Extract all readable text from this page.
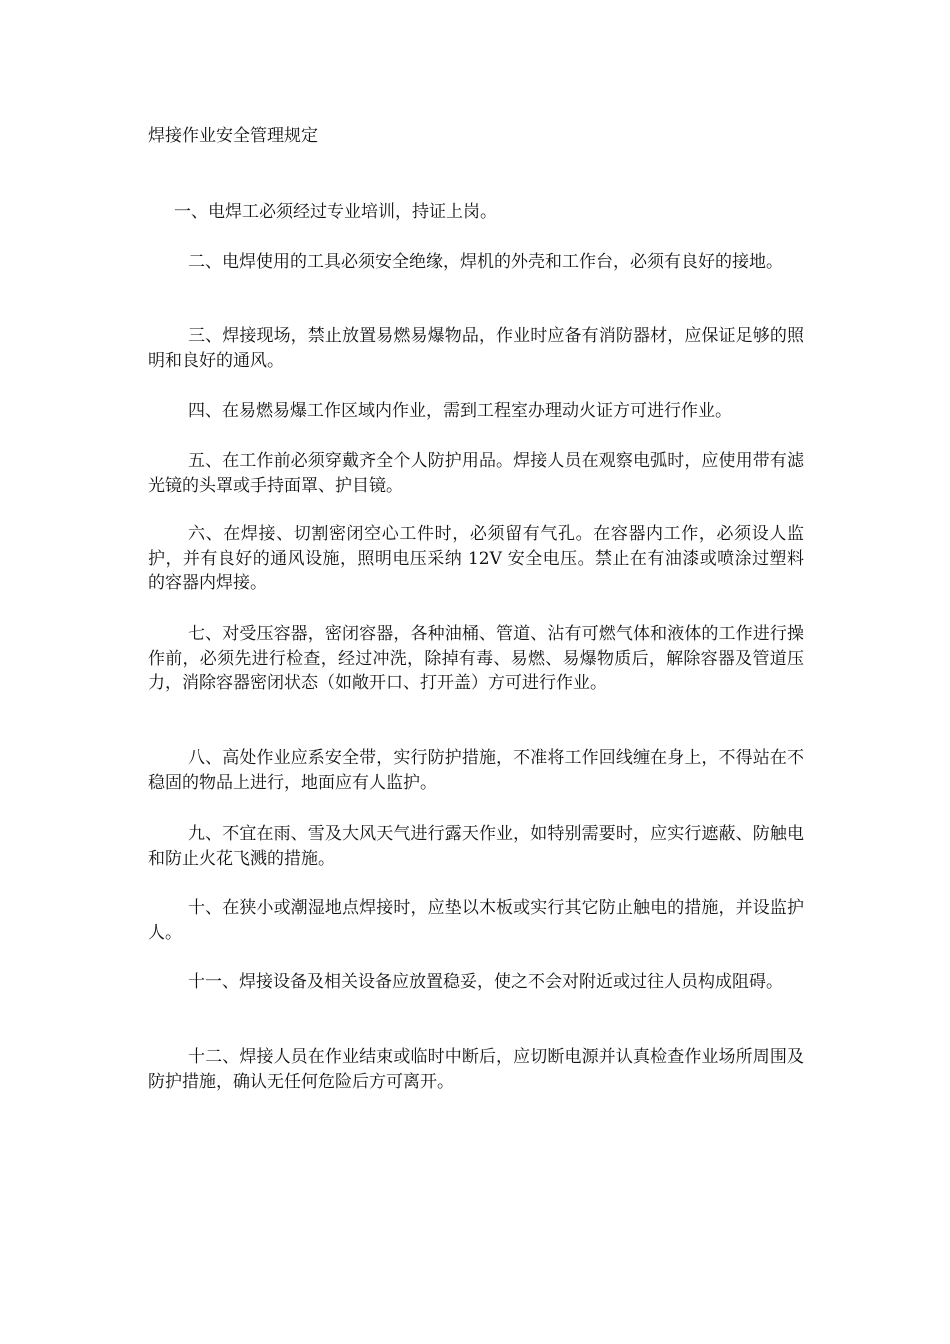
焊接作业安全管理规定

一、电焊工必须经过专业培训，持证上岗。

二、电焊使用的工具必须安全绝缘，焊机的外壳和工作台，必须有良好的接地。

三、焊接现场，禁止放置易燃易爆物品，作业时应备有消防器材，应保证足够的照明和良好的通风。

四、在易燃易爆工作区域内作业，需到工程室办理动火证方可进行作业。

五、在工作前必须穿戴齐全个人防护用品。焊接人员在观察电弧时，应使用带有滤光镜的头罩或手持面罩、护目镜。

六、在焊接、切割密闭空心工件时，必须留有气孔。在容器内工作，必须设人监护，并有良好的通风设施，照明电压采纳 12V 安全电压。禁止在有油漆或喷涂过塑料的容器内焊接。

七、对受压容器，密闭容器，各种油桶、管道、沾有可燃气体和液体的工作进行操作前，必须先进行检查，经过冲洗，除掉有毒、易燃、易爆物质后，解除容器及管道压力，消除容器密闭状态（如敞开口、打开盖）方可进行作业。

八、高处作业应系安全带，实行防护措施，不准将工作回线缠在身上，不得站在不稳固的物品上进行，地面应有人监护。

九、不宜在雨、雪及大风天气进行露天作业，如特别需要时，应实行遮蔽、防触电和防止火花飞溅的措施。

十、在狭小或潮湿地点焊接时，应垫以木板或实行其它防止触电的措施，并设监护人。

十一、焊接设备及相关设备应放置稳妥，使之不会对附近或过往人员构成阻碍。

十二、焊接人员在作业结束或临时中断后，应切断电源并认真检查作业场所周围及防护措施，确认无任何危险后方可离开。
